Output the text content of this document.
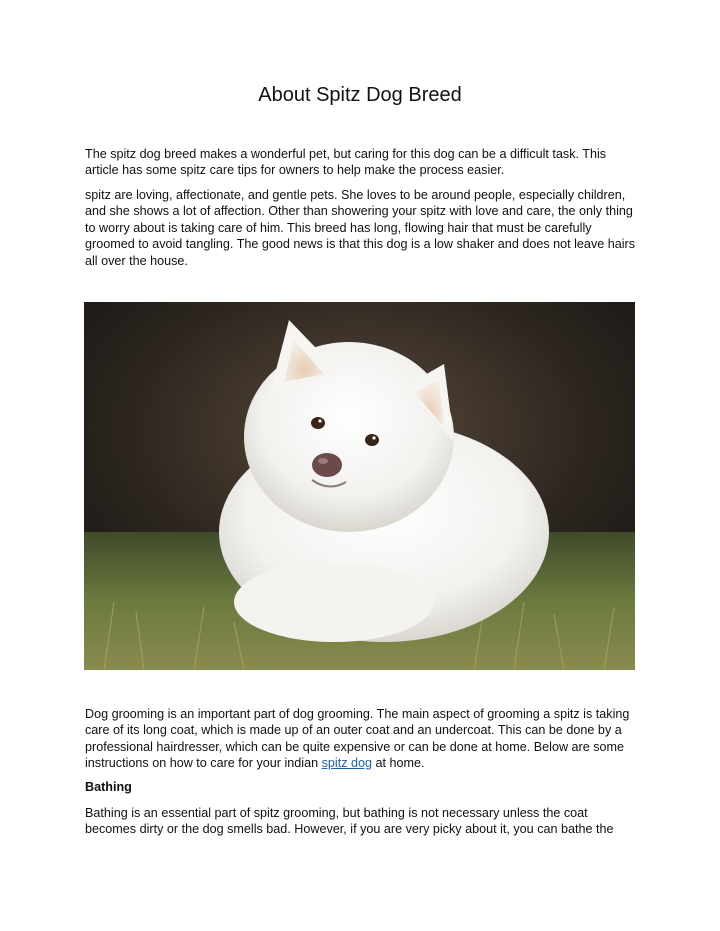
About Spitz Dog Breed

The spitz dog breed makes a wonderful pet, but caring for this dog can be a difficult task. This article has some spitz care tips for owners to help make the process easier.

spitz are loving, affectionate, and gentle pets. She loves to be around people, especially children, and she shows a lot of affection. Other than showering your spitz with love and care, the only thing to worry about is taking care of him. This breed has long, flowing hair that must be carefully groomed to avoid tangling. The good news is that this dog is a low shaker and does not leave hairs all over the house.

Dog grooming is an important part of dog grooming. The main aspect of grooming a spitz is taking care of its long coat, which is made up of an outer coat and an undercoat. This can be done by a professional hairdresser, which can be quite expensive or can be done at home. Below are some instructions on how to care for your indian spitz dog at home.

Bathing

Bathing is an essential part of spitz grooming, but bathing is not necessary unless the coat becomes dirty or the dog smells bad. However, if you are very picky about it, you can bathe the
